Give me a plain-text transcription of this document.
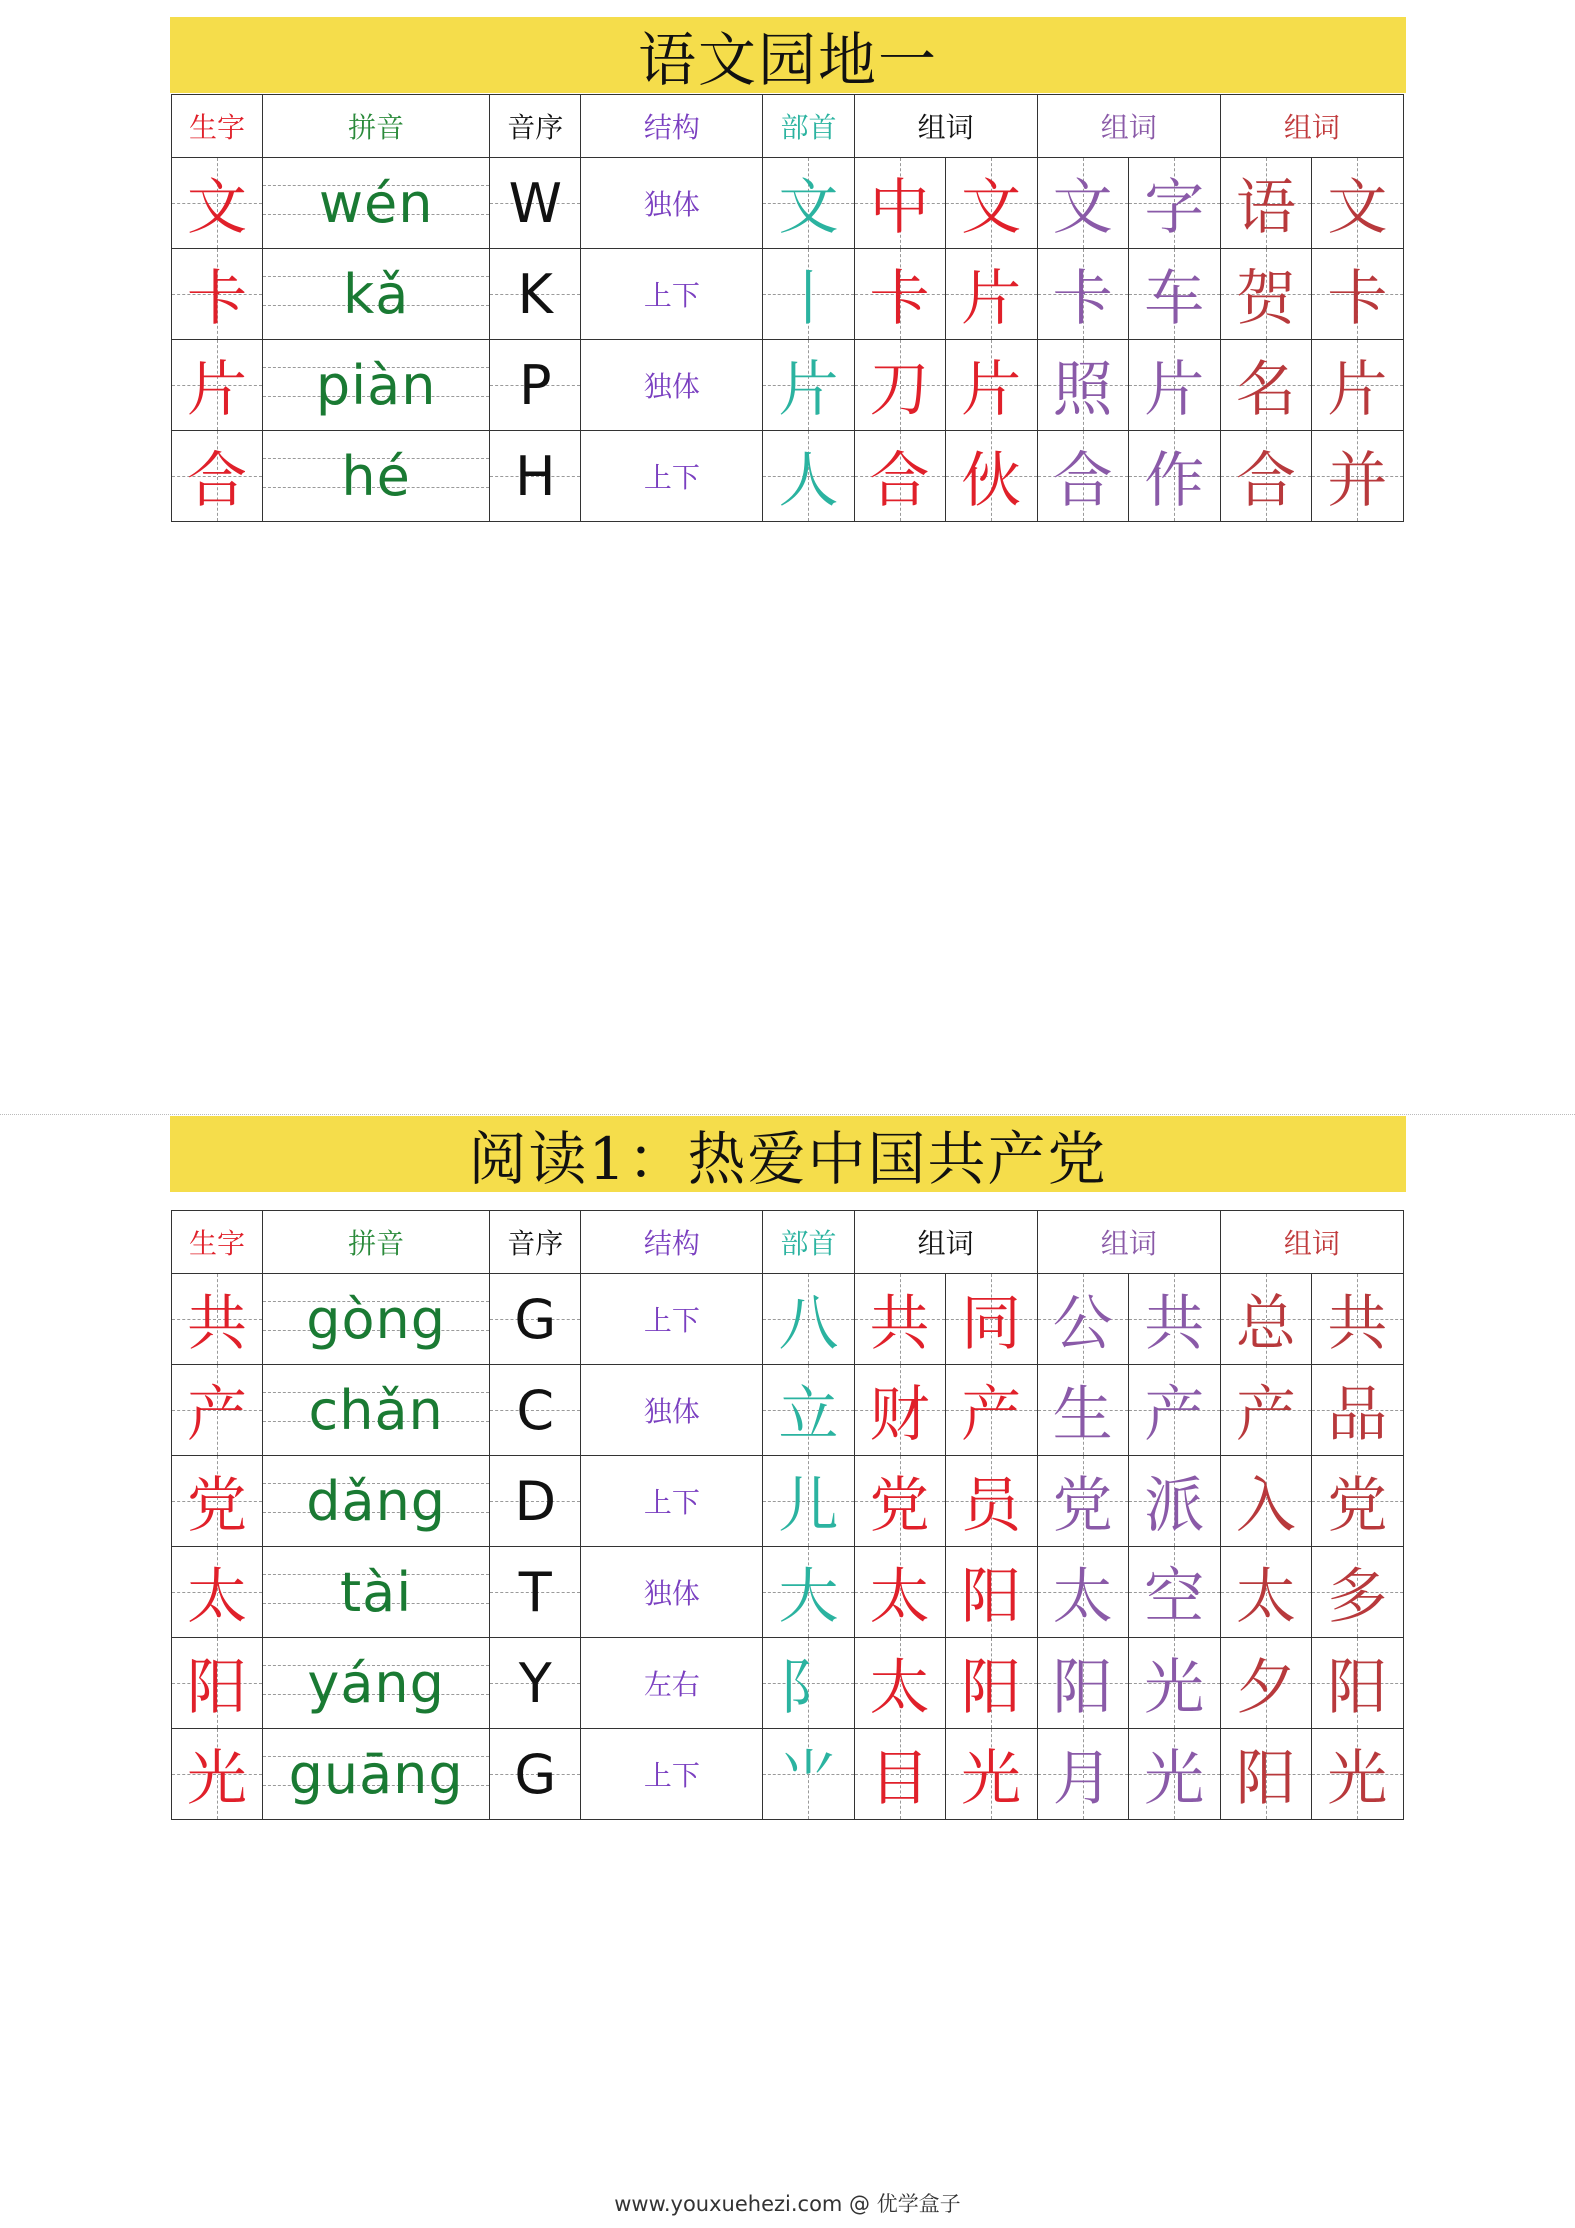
语文园地一
生字	拼音	音序	结构	部首	组词		组词		组词	
文	wén	W	独体	文	中	文	文	字	语	文
卡	kǎ	K	上下	丨	卡	片	卡	车	贺	卡
片	piàn	P	独体	片	刀	片	照	片	名	片
合	hé	H	上下	人	合	伙	合	作	合	并
阅读1：热爱中国共产党
生字	拼音	音序	结构	部首	组词		组词		组词	
共	gòng	G	上下	八	共	同	公	共	总	共
产	chǎn	C	独体	立	财	产	生	产	产	品
党	dǎng	D	上下	儿	党	员	党	派	入	党
太	tài	T	独体	大	太	阳	太	空	太	多
阳	yáng	Y	左右	阝	太	阳	阳	光	夕	阳
光	guāng	G	上下	⺌	目	光	月	光	阳	光
www.youxuehezi.com @ 优学盒子
